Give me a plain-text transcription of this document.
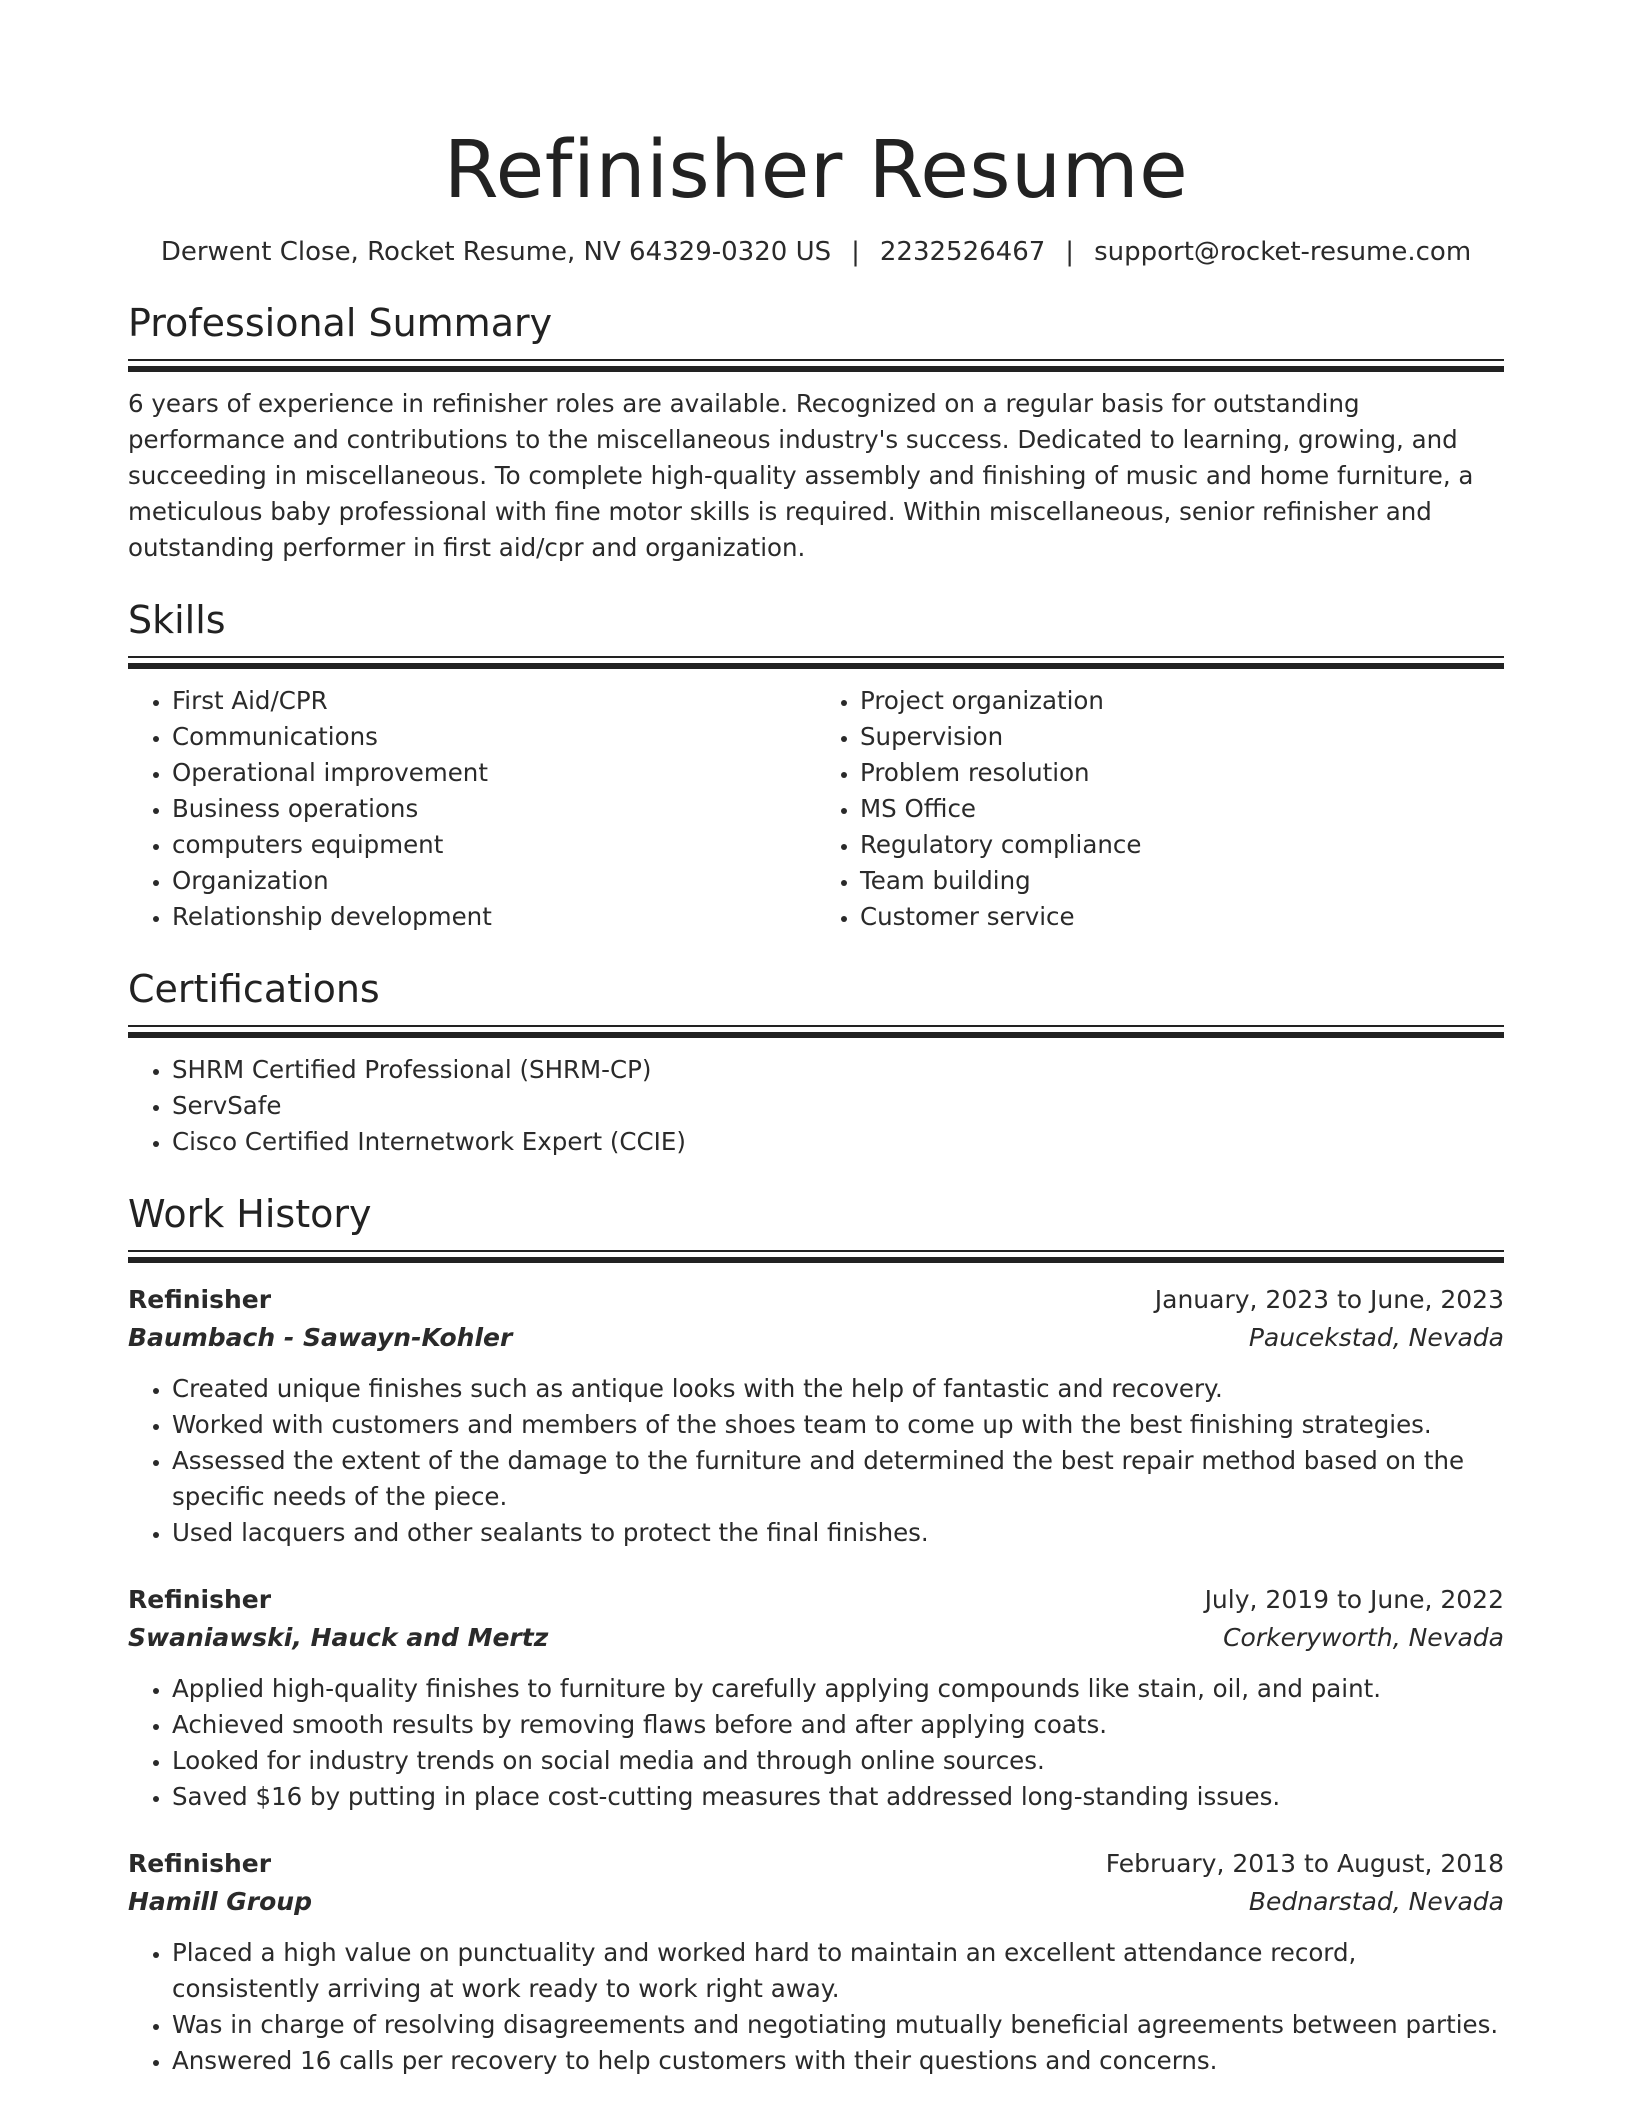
Refinisher Resume
Derwent Close, Rocket Resume, NV 64329-0320 US | 2232526467 | support@rocket-resume.com
Professional Summary
6 years of experience in refinisher roles are available. Recognized on a regular basis for outstanding performance and contributions to the miscellaneous industry's success. Dedicated to learning, growing, and succeeding in miscellaneous. To complete high-quality assembly and finishing of music and home furniture, a meticulous baby professional with fine motor skills is required. Within miscellaneous, senior refinisher and outstanding performer in first aid/cpr and organization.
Skills
• First Aid/CPR
• Communications
• Operational improvement
• Business operations
• computers equipment
• Organization
• Relationship development
• Project organization
• Supervision
• Problem resolution
• MS Office
• Regulatory compliance
• Team building
• Customer service
Certifications
• SHRM Certified Professional (SHRM-CP)
• ServSafe
• Cisco Certified Internetwork Expert (CCIE)
Work History
Refinisher	January, 2023 to June, 2023
Baumbach - Sawayn-Kohler	Paucekstad, Nevada
• Created unique finishes such as antique looks with the help of fantastic and recovery.
• Worked with customers and members of the shoes team to come up with the best finishing strategies.
• Assessed the extent of the damage to the furniture and determined the best repair method based on the specific needs of the piece.
• Used lacquers and other sealants to protect the final finishes.
Refinisher	July, 2019 to June, 2022
Swaniawski, Hauck and Mertz	Corkeryworth, Nevada
• Applied high-quality finishes to furniture by carefully applying compounds like stain, oil, and paint.
• Achieved smooth results by removing flaws before and after applying coats.
• Looked for industry trends on social media and through online sources.
• Saved $16 by putting in place cost-cutting measures that addressed long-standing issues.
Refinisher	February, 2013 to August, 2018
Hamill Group	Bednarstad, Nevada
• Placed a high value on punctuality and worked hard to maintain an excellent attendance record, consistently arriving at work ready to work right away.
• Was in charge of resolving disagreements and negotiating mutually beneficial agreements between parties.
• Answered 16 calls per recovery to help customers with their questions and concerns.
